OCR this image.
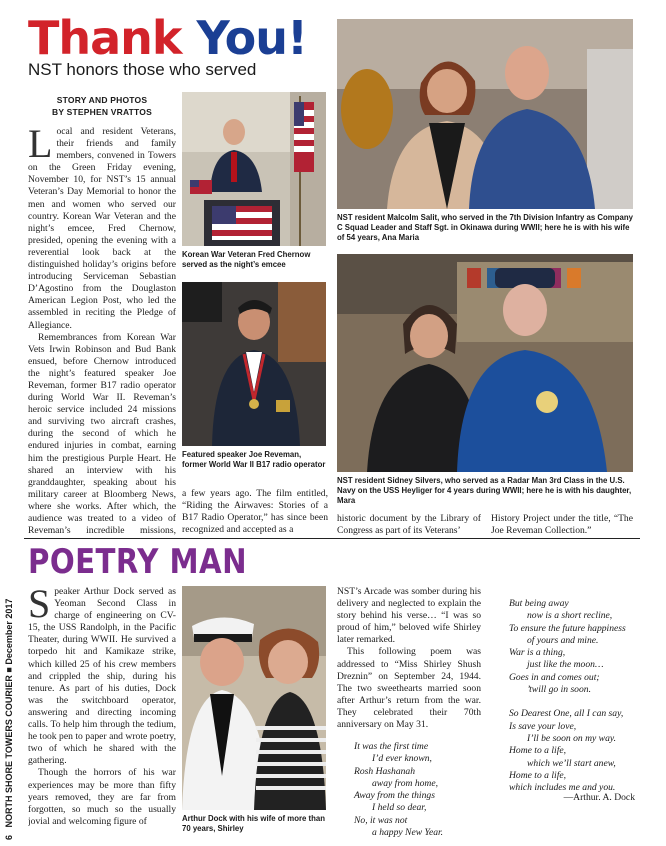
Thank You!
NST honors those who served
STORY AND PHOTOS
BY STEPHEN VRATTOS

Local and resident Veterans, their friends and family members, convened in Towers on the Green Friday evening, November 10, for NST’s 15 annual Veteran’s Day Memorial to honor the men and women who served our country. Korean War Veteran and the night’s emcee, Fred Chernow, presided, opening the evening with a reverential look back at the distinguished holiday’s origins before introducing Serviceman Sebastian D’Agostino from the Douglaston American Legion Post, who led the assembled in reciting the Pledge of Allegiance.

Remembrances from Korean War Vets Irwin Robinson and Bud Bank ensued, before Chernow introduced the night’s featured speaker Joe Reveman, former B17 radio operator during World War II. Reveman’s heroic service included 24 missions and surviving two aircraft crashes, during the second of which he endured injuries in combat, earning him the prestigious Purple Heart. He shared an interview with his granddaughter, speaking about his military career at Bloomberg News, where she works. After which, the audience was treated to a video of Reveman’s incredible missions,

Korean War Veteran Fred Chernow served as the night’s emcee
Featured speaker Joe Reveman, former World War II B17 radio operator

a few years ago. The film entitled, “Riding the Airwaves: Stories of a B17 Radio Operator,” has since been recognized and accepted as a

NST resident Malcolm Salit, who served in the 7th Division Infantry as Company C Squad Leader and Staff Sgt. in Okinawa during WWII; here he is with his wife of 54 years, Ana Maria
NST resident Sidney Silvers, who served as a Radar Man 3rd Class in the U.S. Navy on the USS Heyliger for 4 years during WWII; here he is with his daughter, Mara

historic document by the Library of Congress as part of its Veterans’

History Project under the title, “The Joe Reveman Collection.”

POETRY MAN
6   NORTH SHORE TOWERS COURIER ■ December 2017 Speaker Arthur Dock served as Yeoman Second Class in charge of engineering on CV-15, the USS Randolph, in the Pacific Theater, during WWII. He survived a torpedo hit and Kamikaze strike, which killed 25 of his crew members and crippled the ship, during his tenure. As part of his duties, Dock was the switchboard operator, answering and directing incoming calls. To help him through the tedium, he took pen to paper and wrote poetry, two of which he shared with the gathering.

Though the horrors of his war experiences may be more than fifty years removed, they are far from forgotten, so much so the usually jovial and welcoming figure of	Arthur Dock with his wife of more than 70 years, Shirley

NST’s Arcade was somber during his delivery and neglected to explain the story behind his verse… “I was so proud of him,” beloved wife Shirley later remarked.

This following poem was addressed to “Miss Shirley Shush Dreznin” on September 24, 1944. The two sweethearts married soon after Arthur’s return from the war. They celebrated their 70th anniversary on May 31.

It was the first time
I’d ever known,
Rosh Hashanah
away from home,
Away from the things
I held so dear,
No, it was not
a happy New Year.
But being away
now is a short recline,
To ensure the future happiness
of yours and mine.
War is a thing,
just like the moon…
Goes in and comes out;
’twill go in soon.
So Dearest One, all I can say,
Is save your love,
I’ll be soon on my way.
Home to a life,
which we’ll start anew,
Home to a life,
which includes me and you.
—Arthur. A. Dock
